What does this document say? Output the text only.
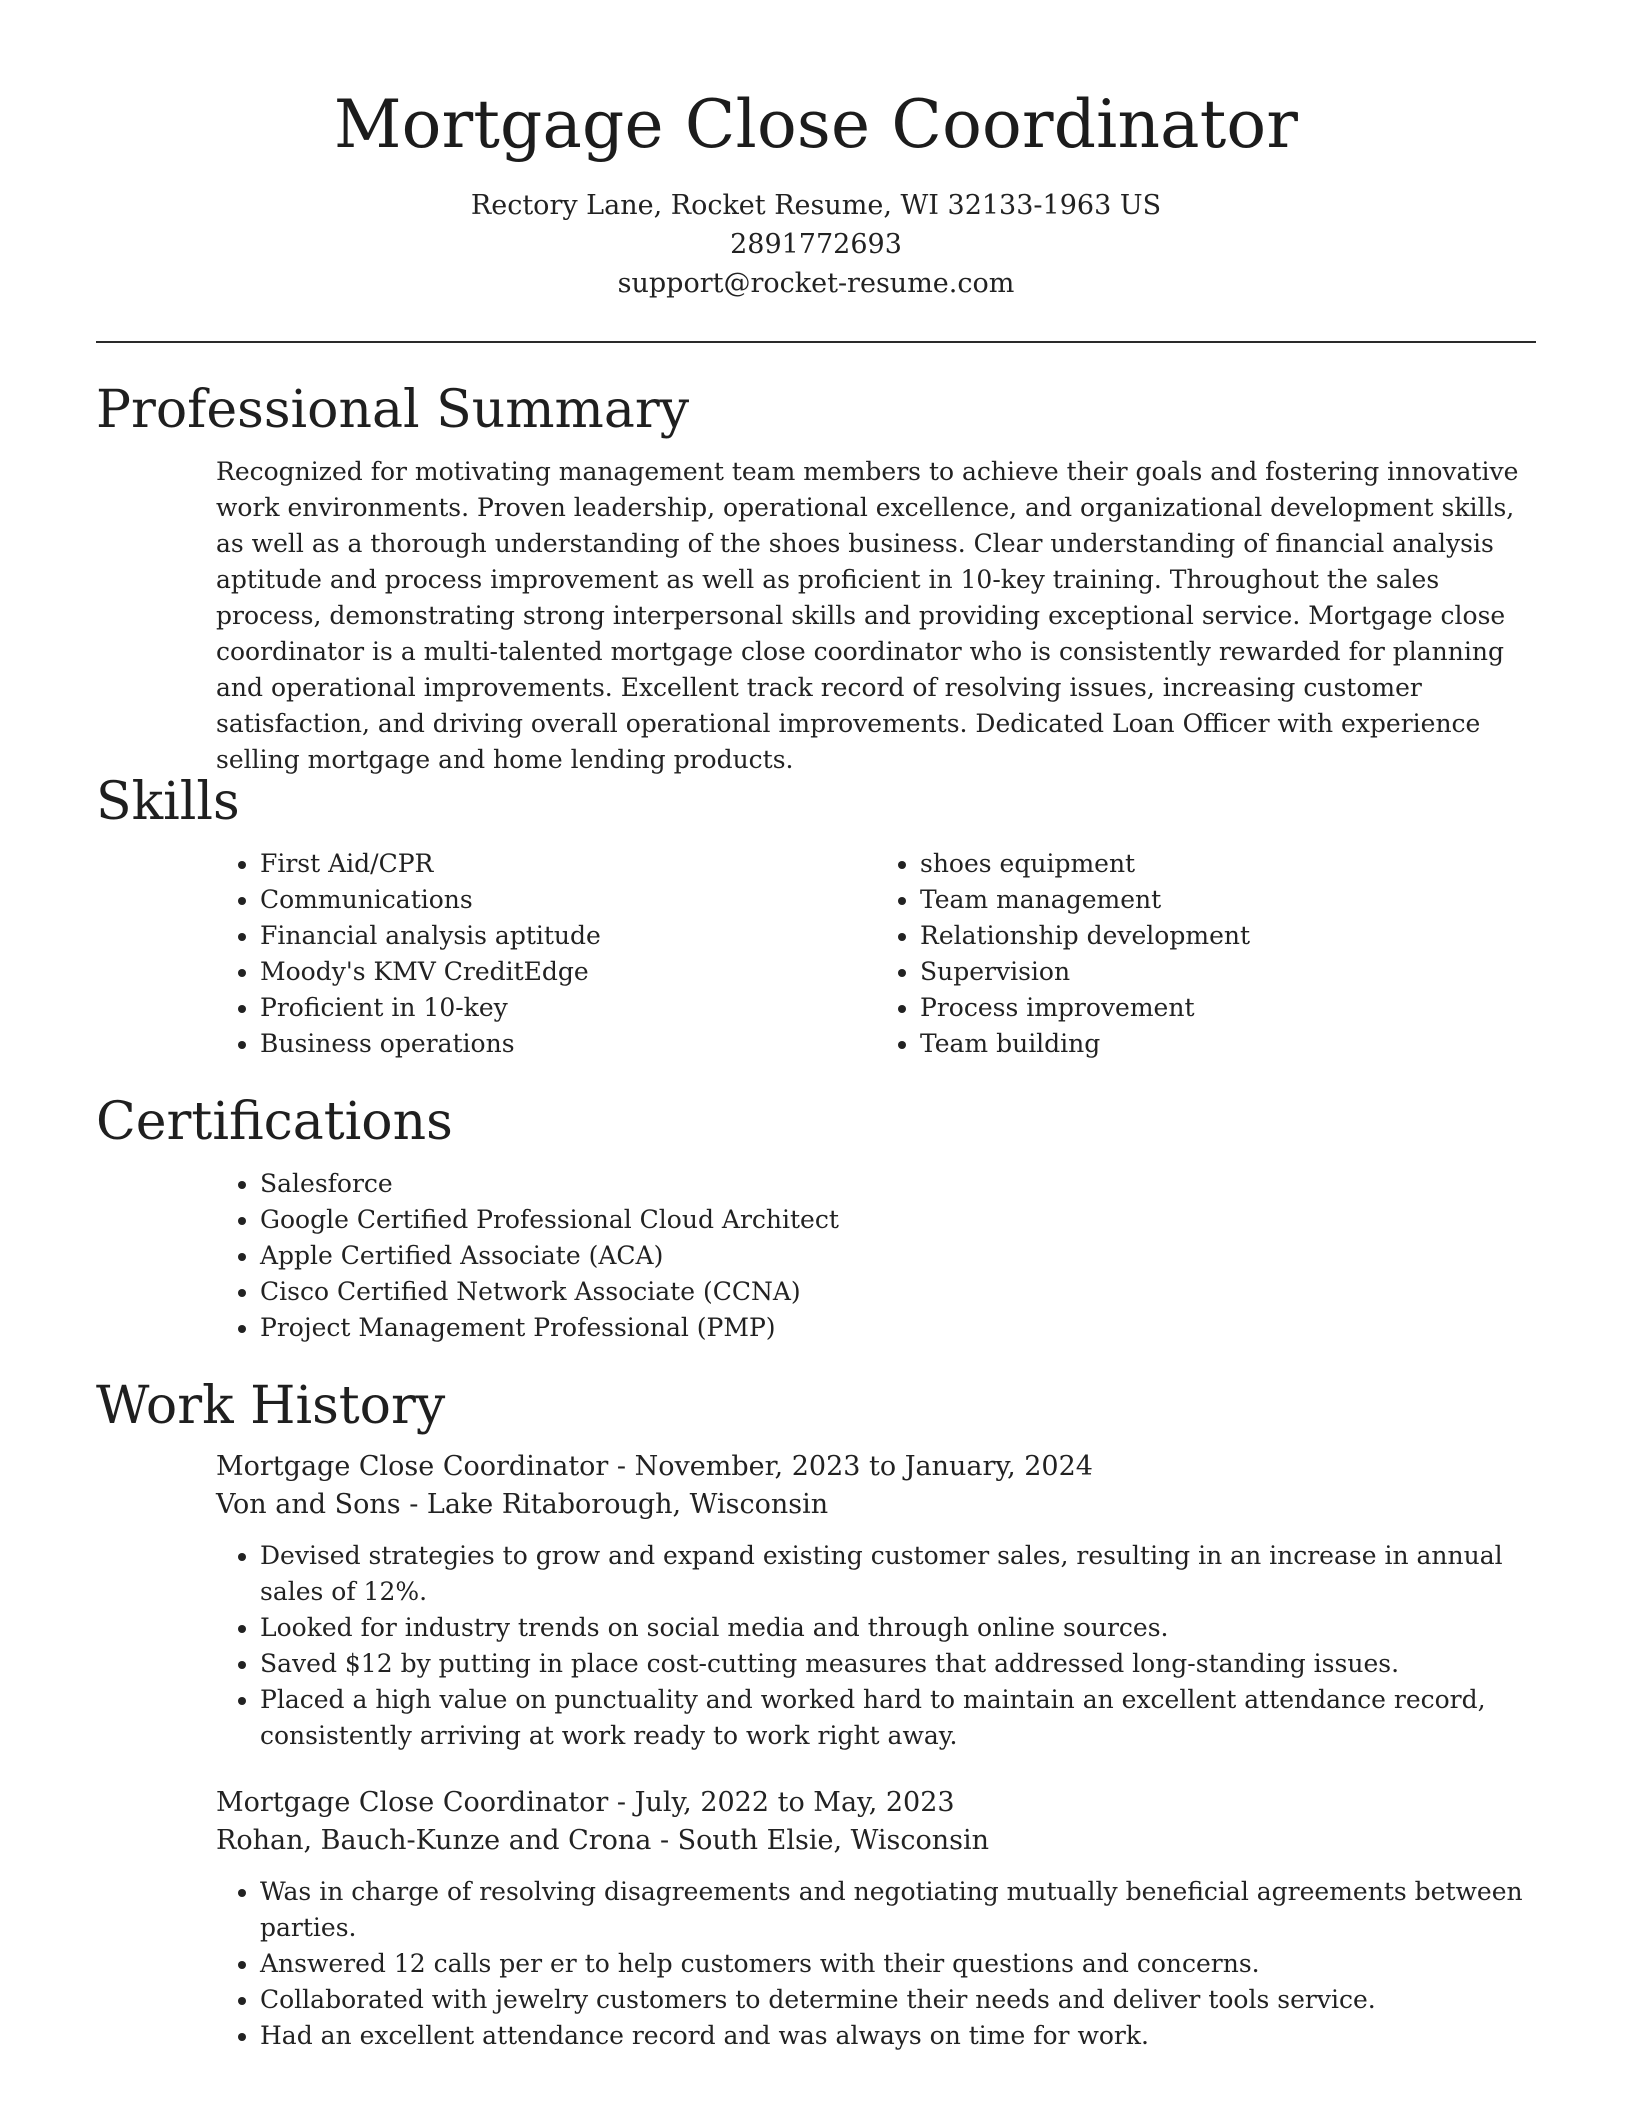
Mortgage Close Coordinator

Rectory Lane, Rocket Resume, WI 32133-1963 US

2891772693

support@rocket-resume.com

Professional Summary

Recognized for motivating management team members to achieve their goals and fostering innovative work environments. Proven leadership, operational excellence, and organizational development skills, as well as a thorough understanding of the shoes business. Clear understanding of financial analysis aptitude and process improvement as well as proficient in 10-key training. Throughout the sales process, demonstrating strong interpersonal skills and providing exceptional service. Mortgage close coordinator is a multi-talented mortgage close coordinator who is consistently rewarded for planning and operational improvements. Excellent track record of resolving issues, increasing customer satisfaction, and driving overall operational improvements. Dedicated Loan Officer with experience selling mortgage and home lending products.

Skills
• First Aid/CPR
• Communications
• Financial analysis aptitude
• Moody's KMV CreditEdge
• Proficient in 10-key
• Business operations
• shoes equipment
• Team management
• Relationship development
• Supervision
• Process improvement
• Team building
Certifications
• Salesforce
• Google Certified Professional Cloud Architect
• Apple Certified Associate (ACA)
• Cisco Certified Network Associate (CCNA)
• Project Management Professional (PMP)
Work History

Mortgage Close Coordinator - November, 2023 to January, 2024

Von and Sons - Lake Ritaborough, Wisconsin

• Devised strategies to grow and expand existing customer sales, resulting in an increase in annual sales of 12%.
• Looked for industry trends on social media and through online sources.
• Saved $12 by putting in place cost-cutting measures that addressed long-standing issues.
• Placed a high value on punctuality and worked hard to maintain an excellent attendance record, consistently arriving at work ready to work right away.

Mortgage Close Coordinator - July, 2022 to May, 2023

Rohan, Bauch-Kunze and Crona - South Elsie, Wisconsin

• Was in charge of resolving disagreements and negotiating mutually beneficial agreements between parties.
• Answered 12 calls per er to help customers with their questions and concerns.
• Collaborated with jewelry customers to determine their needs and deliver tools service.
• Had an excellent attendance record and was always on time for work.
